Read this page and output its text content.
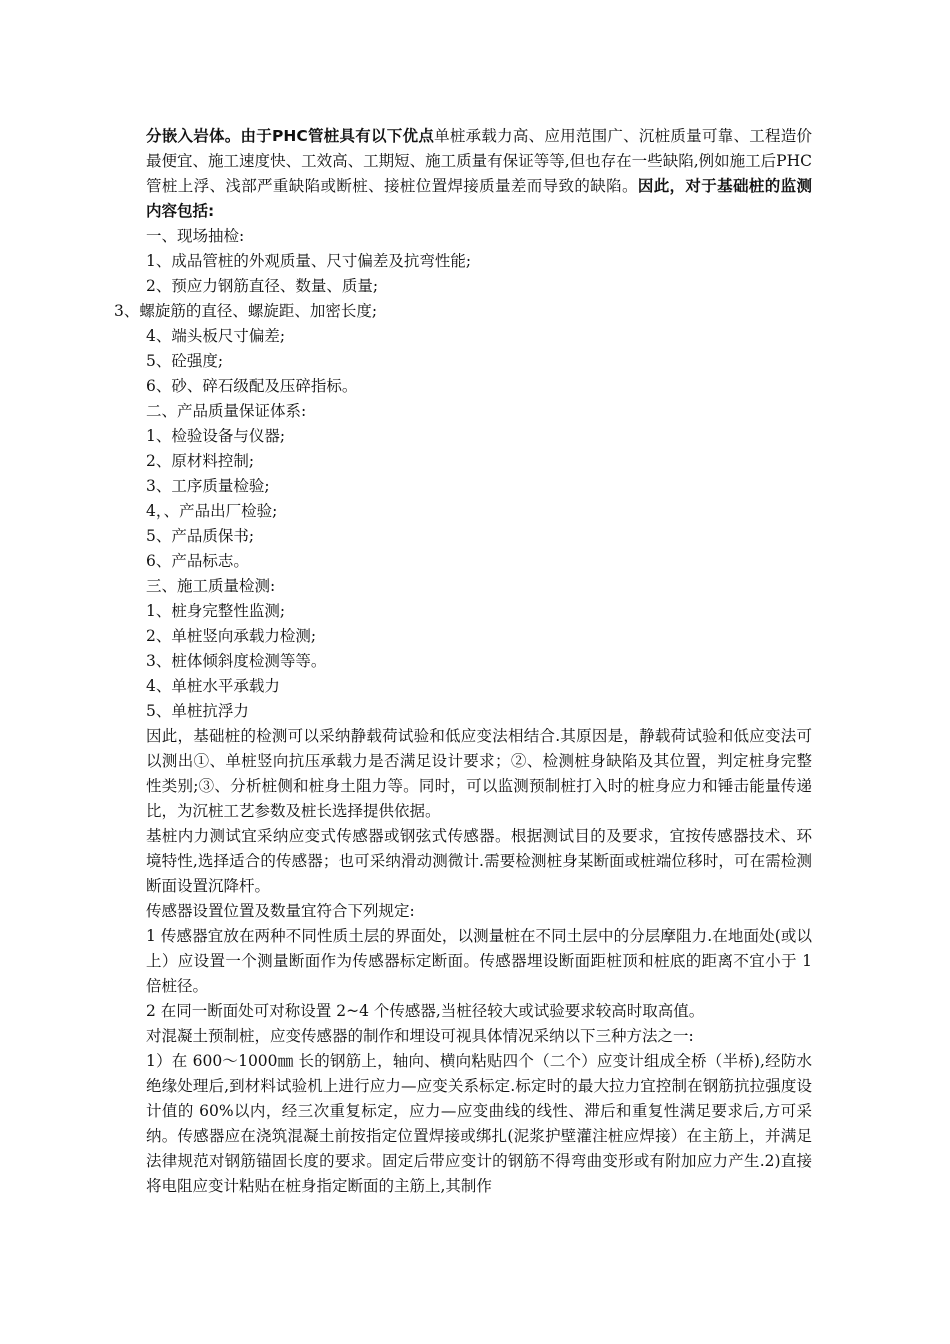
分嵌入岩体。由于PHC管桩具有以下优点单桩承载力高、应用范围广、沉桩质量可靠、工程造价最便宜、施工速度快、工效高、工期短、施工质量有保证等等,但也存在一些缺陷,例如施工后PHC管桩上浮、浅部严重缺陷或断桩、接桩位置焊接质量差而导致的缺陷。因此，对于基础桩的监测内容包括:

一、现场抽检:

1、成品管桩的外观质量、尺寸偏差及抗弯性能;

2、预应力钢筋直径、数量、质量;

3、螺旋筋的直径、螺旋距、加密长度;

4、端头板尺寸偏差;

5、砼强度;

6、砂、碎石级配及压碎指标。

二、产品质量保证体系:

1、检验设备与仪器;

2、原材料控制;

3、工序质量检验;

4，、产品出厂检验;

5、产品质保书;

6、产品标志。

三、施工质量检测:

1、桩身完整性监测;

2、单桩竖向承载力检测;

3、桩体倾斜度检测等等。

4、单桩水平承载力

5、单桩抗浮力

因此，基础桩的检测可以采纳静载荷试验和低应变法相结合.其原因是，静载荷试验和低应变法可以测出①、单桩竖向抗压承载力是否满足设计要求；②、检测桩身缺陷及其位置，判定桩身完整性类别;③、分析桩侧和桩身土阻力等。同时，可以监测预制桩打入时的桩身应力和锤击能量传递比，为沉桩工艺参数及桩长选择提供依据。

基桩内力测试宜采纳应变式传感器或钢弦式传感器。根据测试目的及要求，宜按传感器技术、环境特性,选择适合的传感器；也可采纳滑动测微计.需要检测桩身某断面或桩端位移时，可在需检测断面设置沉降杆。

传感器设置位置及数量宜符合下列规定:

1 传感器宜放在两种不同性质土层的界面处，以测量桩在不同土层中的分层摩阻力.在地面处(或以上）应设置一个测量断面作为传感器标定断面。传感器埋设断面距桩顶和桩底的距离不宜小于 1 倍桩径。

2 在同一断面处可对称设置 2~4 个传感器,当桩径较大或试验要求较高时取高值。

对混凝土预制桩，应变传感器的制作和埋设可视具体情况采纳以下三种方法之一:

1）在 600～1000㎜ 长的钢筋上，轴向、横向粘贴四个（二个）应变计组成全桥（半桥),经防水绝缘处理后,到材料试验机上进行应力—应变关系标定.标定时的最大拉力宜控制在钢筋抗拉强度设计值的 60%以内，经三次重复标定，应力—应变曲线的线性、滞后和重复性满足要求后,方可采纳。传感器应在浇筑混凝土前按指定位置焊接或绑扎(泥浆护壁灌注桩应焊接）在主筋上，并满足法律规范对钢筋锚固长度的要求。固定后带应变计的钢筋不得弯曲变形或有附加应力产生.2)直接将电阻应变计粘贴在桩身指定断面的主筋上,其制作
